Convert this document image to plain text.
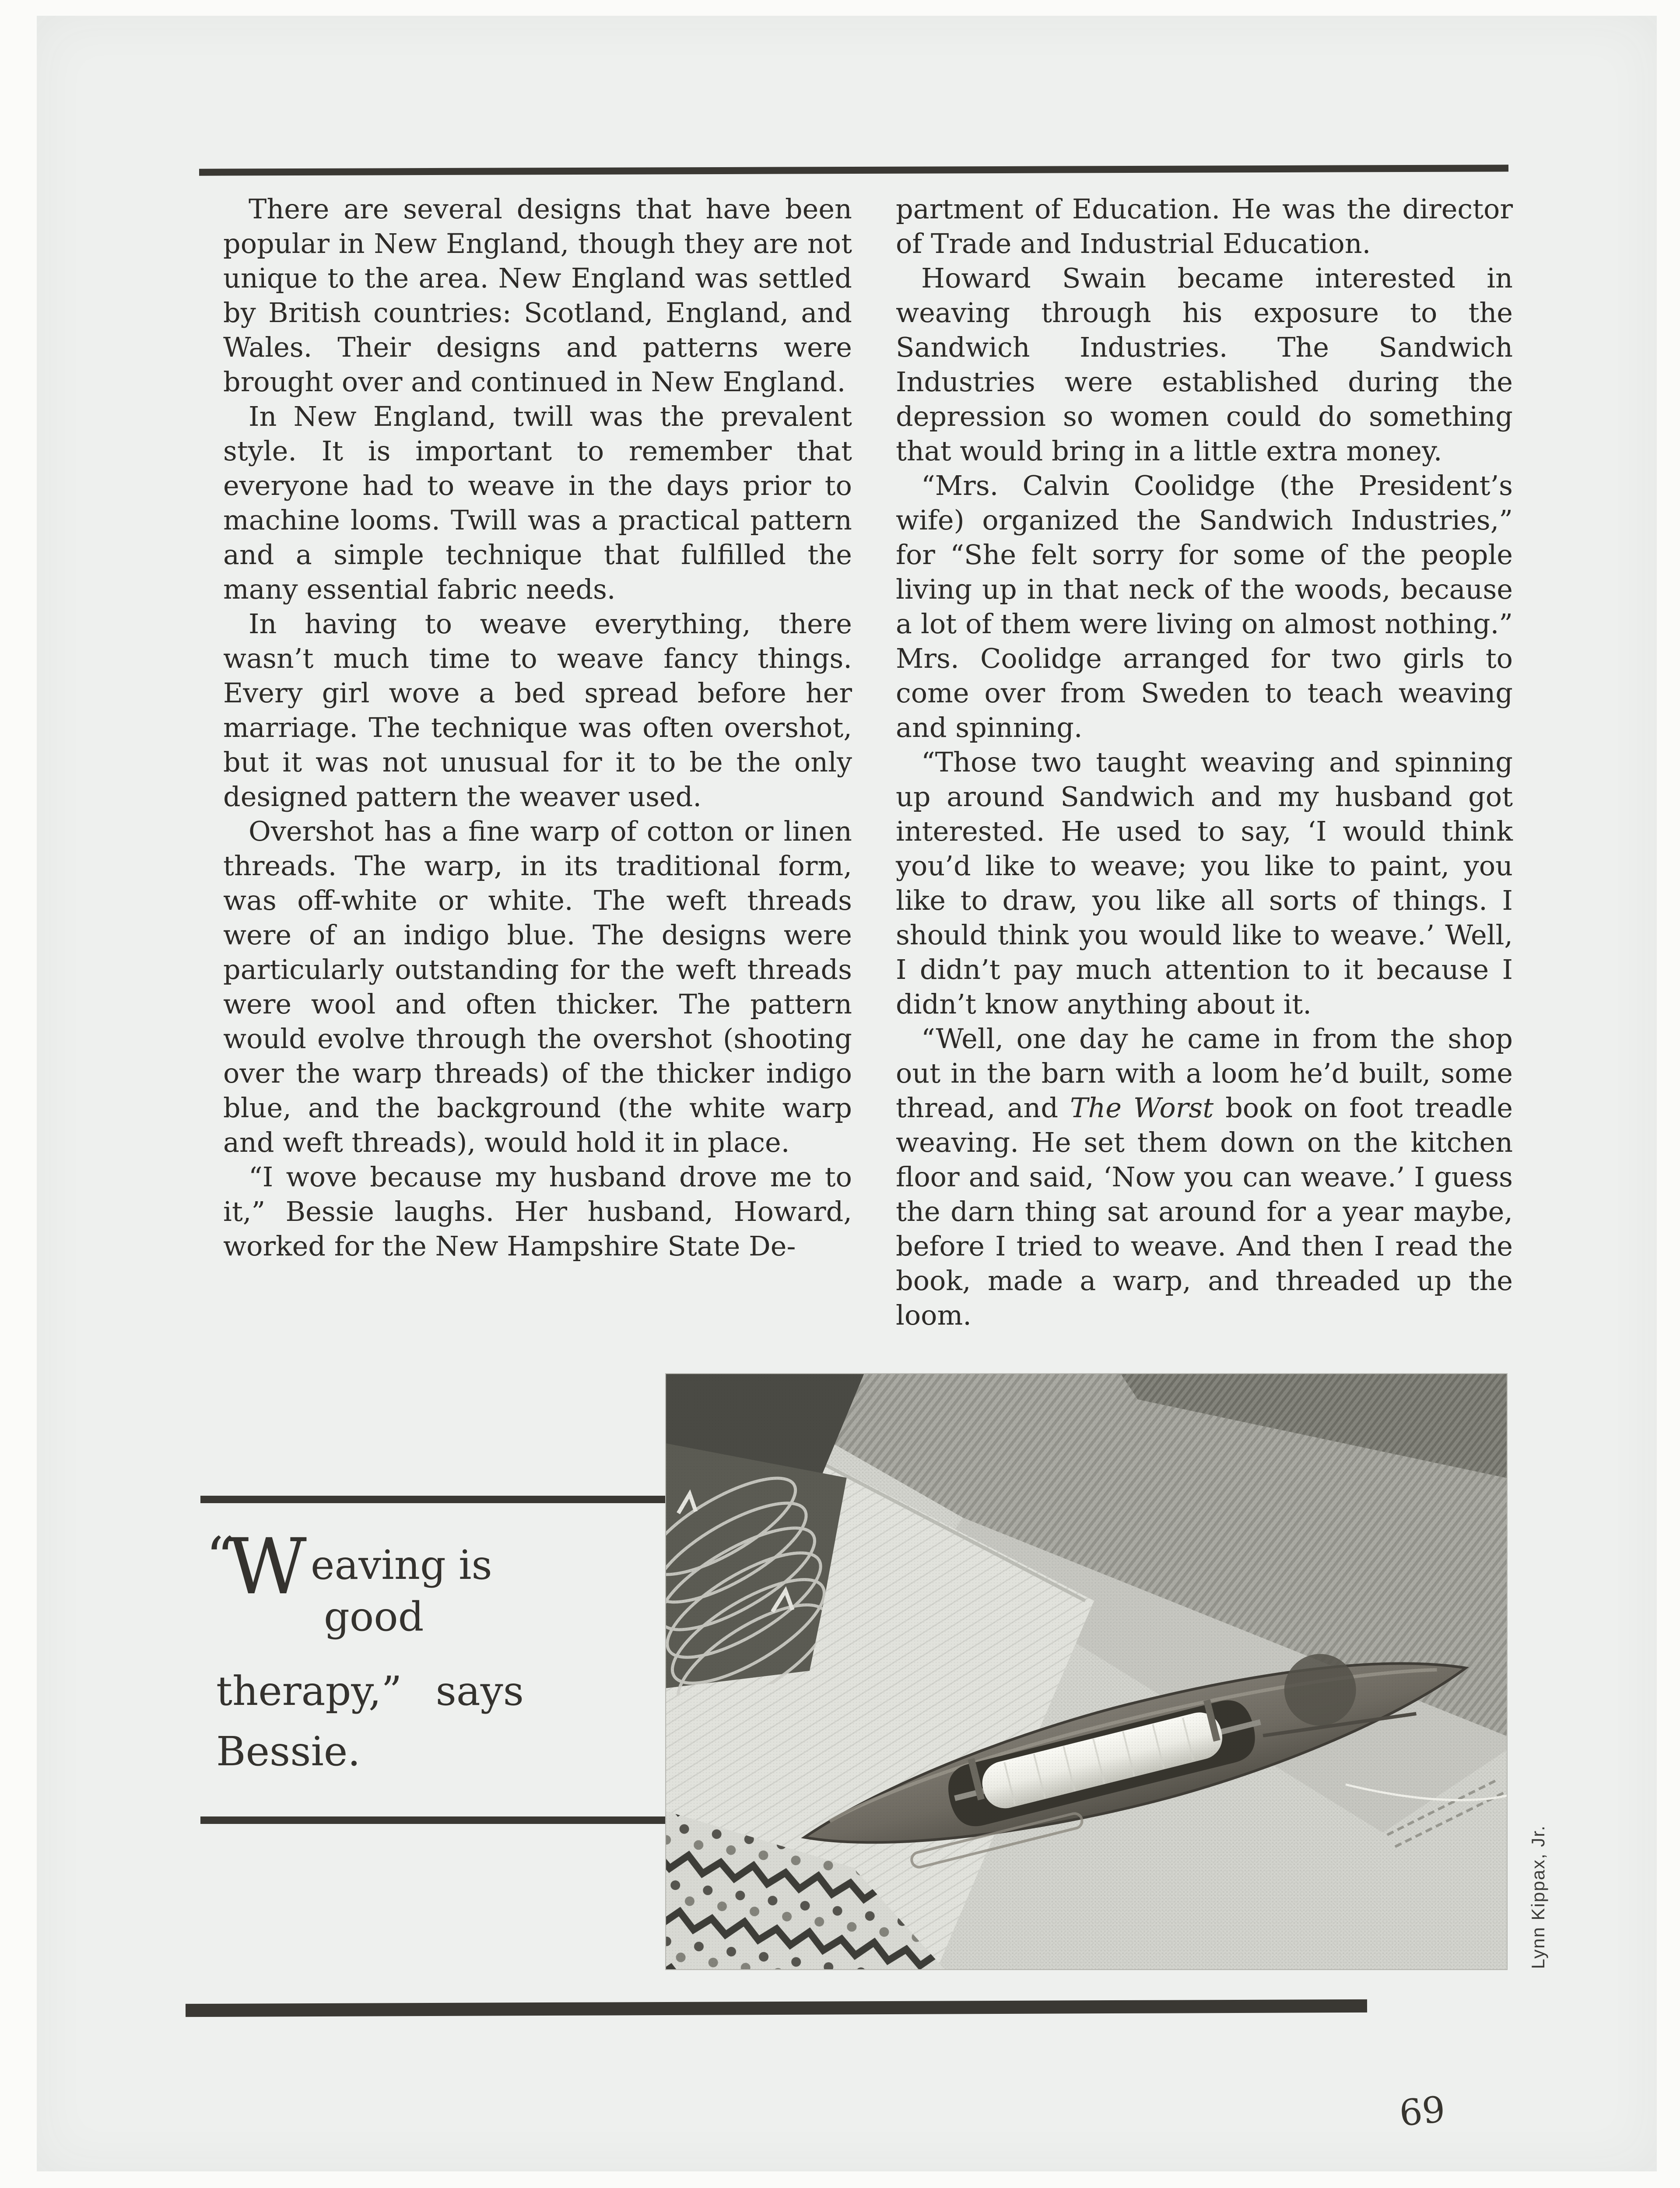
There are several designs that have been popular in New England, though they are not unique to the area. New England was settled by British countries: Scotland, England, and Wales. Their designs and patterns were brought over and continued in New England.

In New England, twill was the prevalent style. It is important to remember that everyone had to weave in the days prior to machine looms. Twill was a practical pattern and a simple technique that fulfilled the many essential fabric needs.

In having to weave everything, there wasn’t much time to weave fancy things. Every girl wove a bed spread before her marriage. The technique was often overshot, but it was not unusual for it to be the only designed pattern the weaver used.

Overshot has a fine warp of cotton or linen threads. The warp, in its traditional form, was off-white or white. The weft threads were of an indigo blue. The designs were particularly outstanding for the weft threads were wool and often thicker. The pattern would evolve through the overshot (shooting over the warp threads) of the thicker indigo blue, and the background (the white warp and weft threads), would hold it in place.

“I wove because my husband drove me to it,” Bessie laughs. Her husband, Howard, worked for the New Hampshire State De-

partment of Education. He was the director of Trade and Industrial Education.

Howard Swain became interested in weaving through his exposure to the Sandwich Industries. The Sandwich Industries were established during the depression so women could do something that would bring in a little extra money.

“Mrs. Calvin Coolidge (the President’s wife) organized the Sandwich Industries,” for “She felt sorry for some of the people living up in that neck of the woods, because a lot of them were living on almost nothing.” Mrs. Coolidge arranged for two girls to come over from Sweden to teach weaving and spinning.

“Those two taught weaving and spinning up around Sandwich and my husband got interested. He used to say, ‘I would think you’d like to weave; you like to paint, you like to draw, you like all sorts of things. I should think you would like to weave.’ Well, I didn’t pay much attention to it because I didn’t know anything about it.

“Well, one day he came in from the shop out in the barn with a loom he’d built, some thread, and The Worst book on foot treadle weaving. He set them down on the kitchen floor and said, ‘Now you can weave.’ I guess the darn thing sat around for a year maybe, before I tried to weave. And then I read the book, made a warp, and threaded up the loom.

“
W eaving is
good
therapy,” says
Bessie.
Lynn Kippax, Jr.
69
